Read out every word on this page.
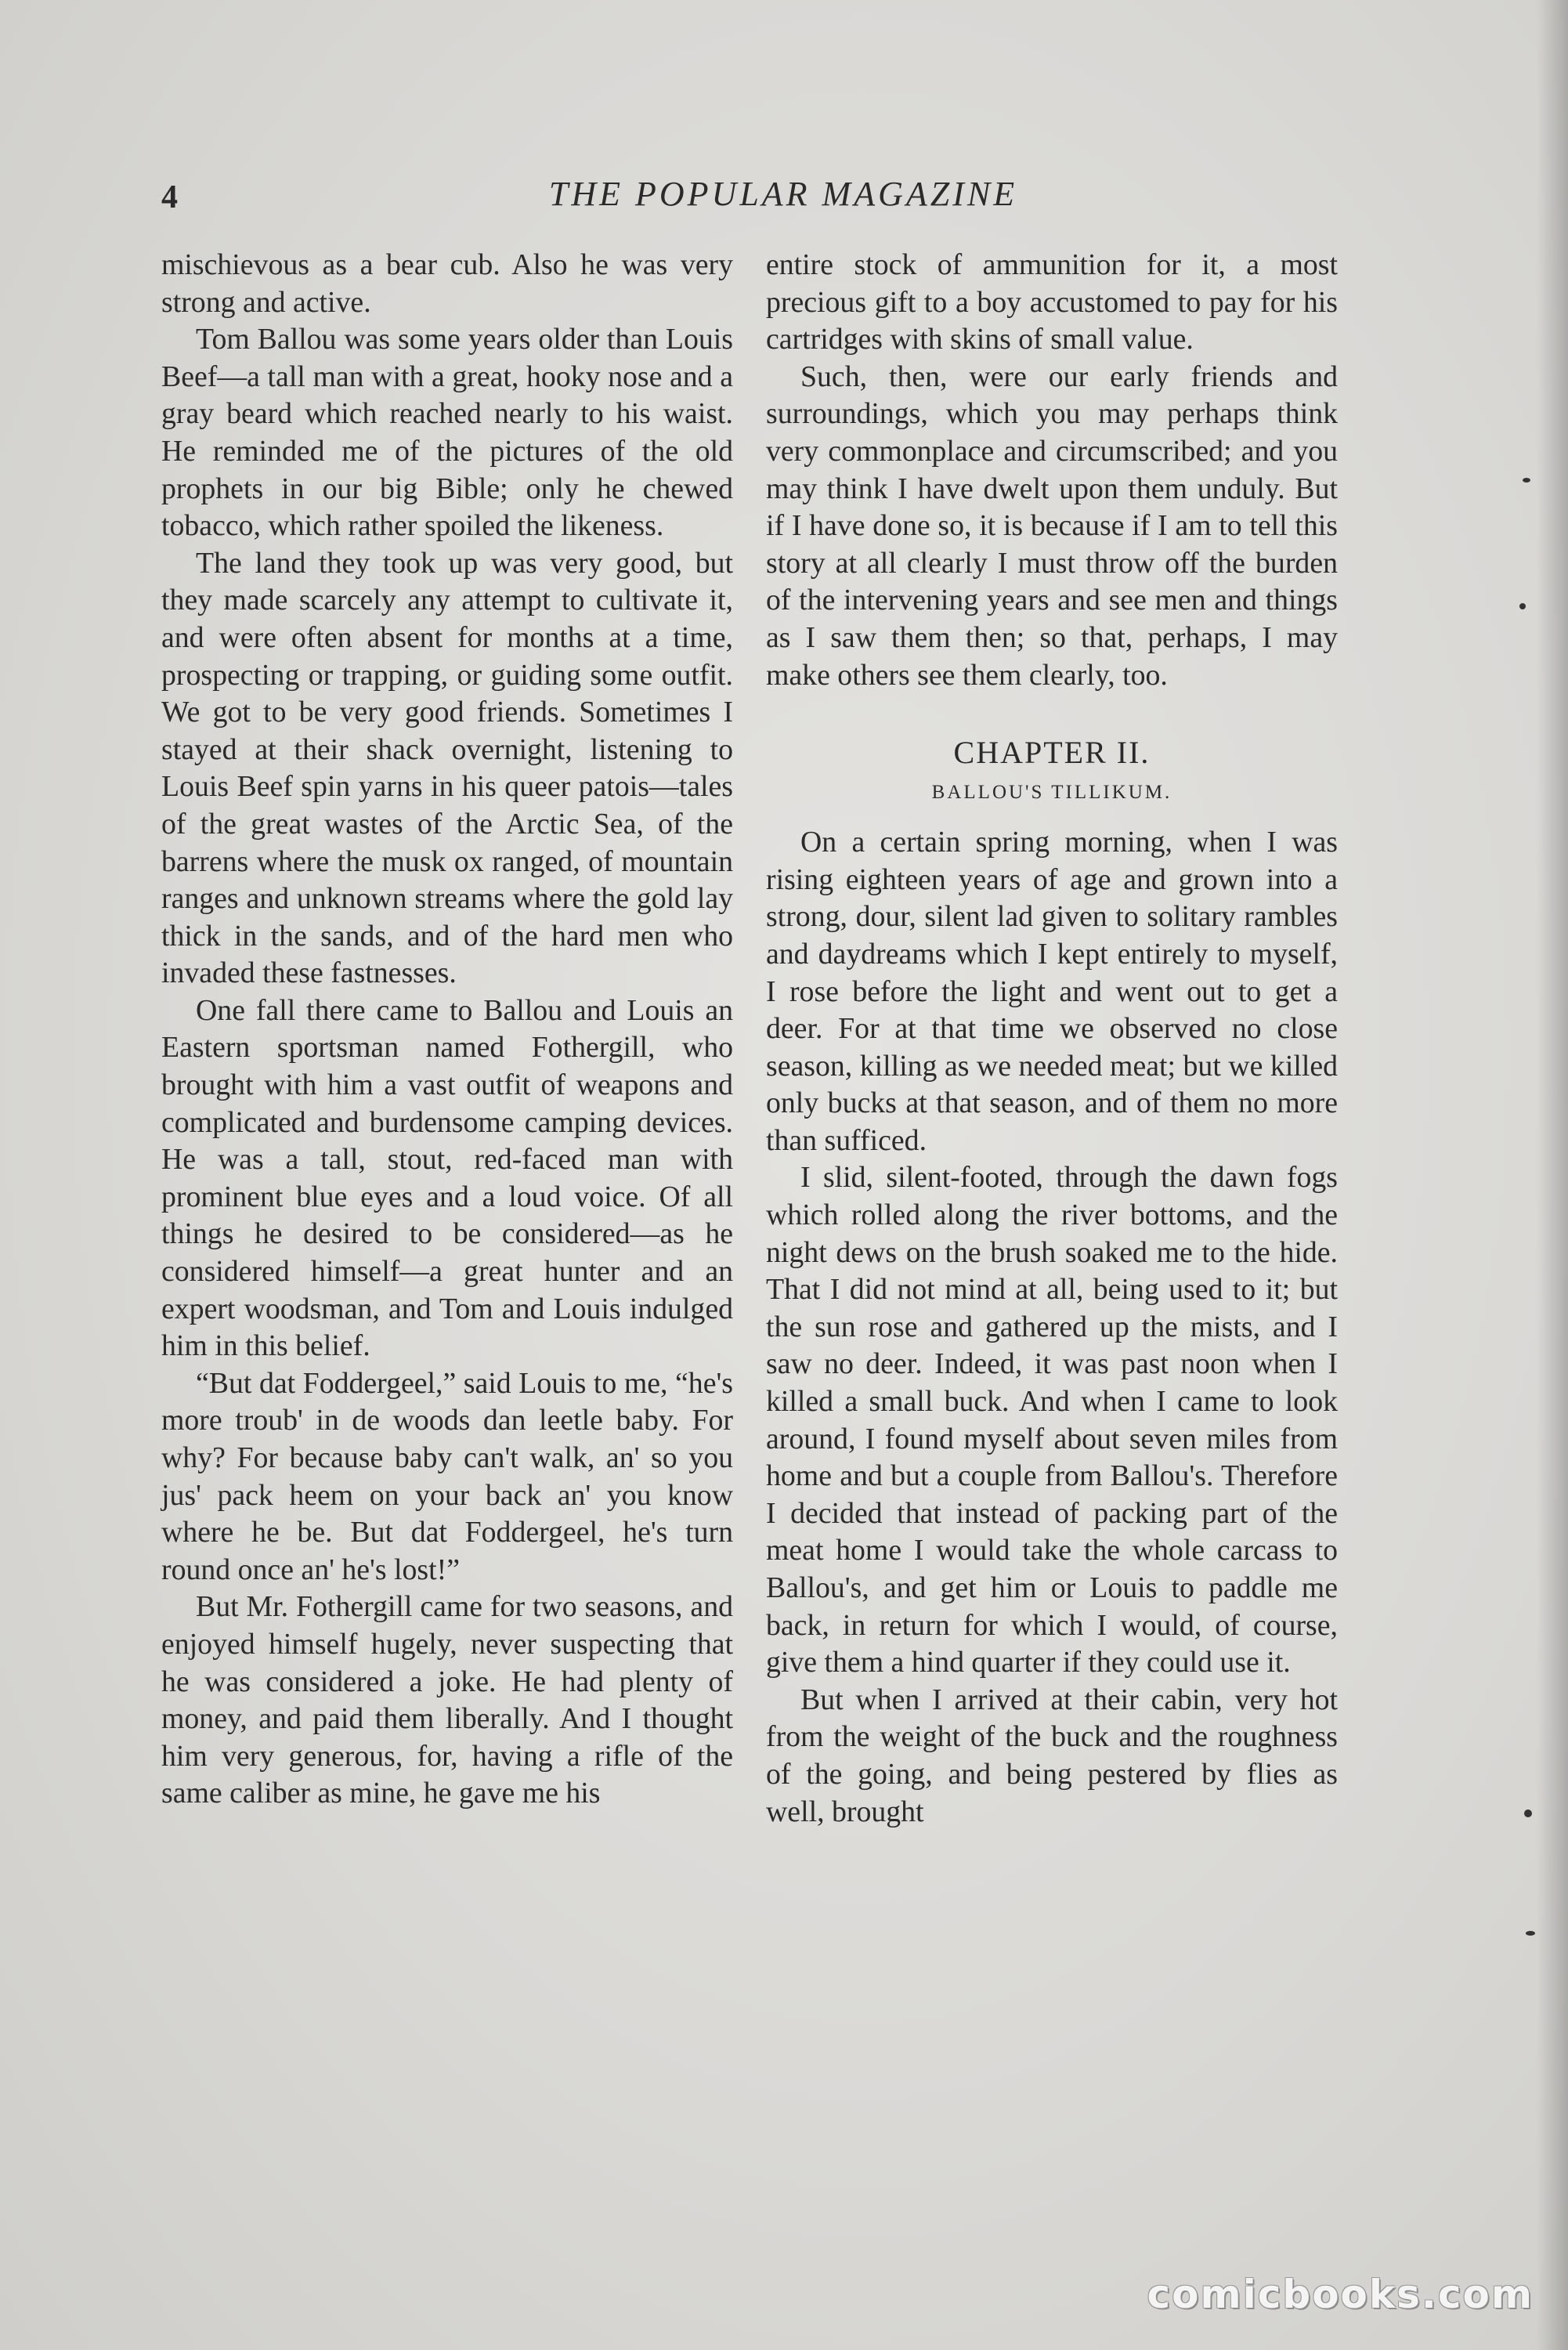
4	THE POPULAR MAGAZINE

mischievous as a bear cub. Also he was very strong and active.

Tom Ballou was some years older than Louis Beef—a tall man with a great, hooky nose and a gray beard which reached nearly to his waist. He reminded me of the pictures of the old prophets in our big Bible; only he chewed tobacco, which rather spoiled the likeness.

The land they took up was very good, but they made scarcely any attempt to cultivate it, and were often absent for months at a time, prospecting or trapping, or guiding some outfit. We got to be very good friends. Sometimes I stayed at their shack overnight, listening to Louis Beef spin yarns in his queer patois—tales of the great wastes of the Arctic Sea, of the barrens where the musk ox ranged, of mountain ranges and unknown streams where the gold lay thick in the sands, and of the hard men who invaded these fastnesses.

One fall there came to Ballou and Louis an Eastern sportsman named Fothergill, who brought with him a vast outfit of weapons and complicated and burdensome camping devices. He was a tall, stout, red-faced man with prominent blue eyes and a loud voice. Of all things he desired to be considered—as he considered himself—a great hunter and an expert woodsman, and Tom and Louis indulged him in this belief.

“But dat Foddergeel,” said Louis to me, “he's more troub' in de woods dan leetle baby. For why? For because baby can't walk, an' so you jus' pack heem on your back an' you know where he be. But dat Foddergeel, he's turn round once an' he's lost!”

But Mr. Fothergill came for two seasons, and enjoyed himself hugely, never suspecting that he was considered a joke. He had plenty of money, and paid them liberally. And I thought him very generous, for, having a rifle of the same caliber as mine, he gave me his

entire stock of ammunition for it, a most precious gift to a boy accustomed to pay for his cartridges with skins of small value.

Such, then, were our early friends and surroundings, which you may perhaps think very commonplace and circumscribed; and you may think I have dwelt upon them unduly. But if I have done so, it is because if I am to tell this story at all clearly I must throw off the burden of the intervening years and see men and things as I saw them then; so that, perhaps, I may make others see them clearly, too.

CHAPTER II.
BALLOU'S TILLIKUM.

On a certain spring morning, when I was rising eighteen years of age and grown into a strong, dour, silent lad given to solitary rambles and daydreams which I kept entirely to myself, I rose before the light and went out to get a deer. For at that time we observed no close season, killing as we needed meat; but we killed only bucks at that season, and of them no more than sufficed.

I slid, silent-footed, through the dawn fogs which rolled along the river bottoms, and the night dews on the brush soaked me to the hide. That I did not mind at all, being used to it; but the sun rose and gathered up the mists, and I saw no deer. Indeed, it was past noon when I killed a small buck. And when I came to look around, I found myself about seven miles from home and but a couple from Ballou's. Therefore I decided that instead of packing part of the meat home I would take the whole carcass to Ballou's, and get him or Louis to paddle me back, in return for which I would, of course, give them a hind quarter if they could use it.

But when I arrived at their cabin, very hot from the weight of the buck and the roughness of the going, and being pestered by flies as well, brought

comicbooks.com
